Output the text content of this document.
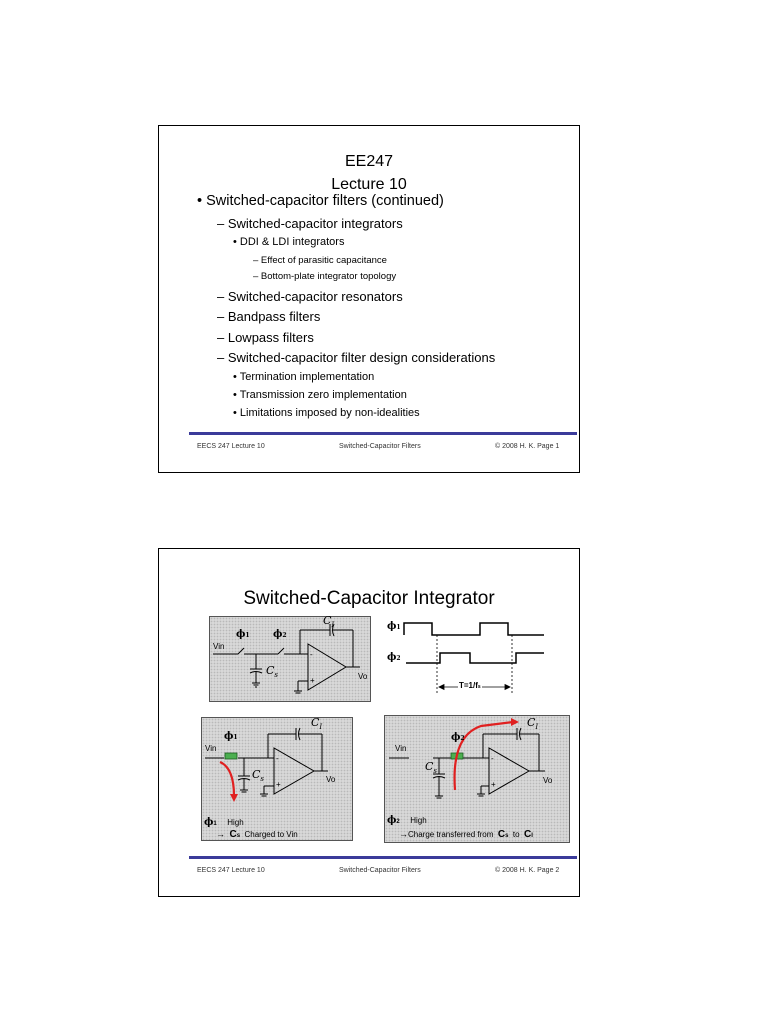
EE247
Lecture 10
• Switched-capacitor filters (continued)
– Switched-capacitor integrators
• DDI & LDI integrators
– Effect of parasitic capacitance
– Bottom-plate integrator topology
– Switched-capacitor resonators
– Bandpass filters
– Lowpass filters
– Switched-capacitor filter design considerations
• Termination implementation
• Transmission zero implementation
• Limitations imposed by non-idealities
EECS 247 Lecture 10	Switched-Capacitor Filters	© 2008 H. K. Page 1
Switched-Capacitor Integrator
Vin
Vo
ϕ1 ϕ2
$C_s$
$C_I$
-
+
ϕ1
ϕ2
T=1/fs
Vin
Vo
ϕ1
$C_s$
$C_I$
-
+
ϕ1 High
→ Cs Charged to Vin
Vin
Vo
ϕ2
$C_s$
$C_I$
-
+
ϕ2 High
→Charge transferred from Cs to CI
EECS 247 Lecture 10	Switched-Capacitor Filters	© 2008 H. K. Page 2
